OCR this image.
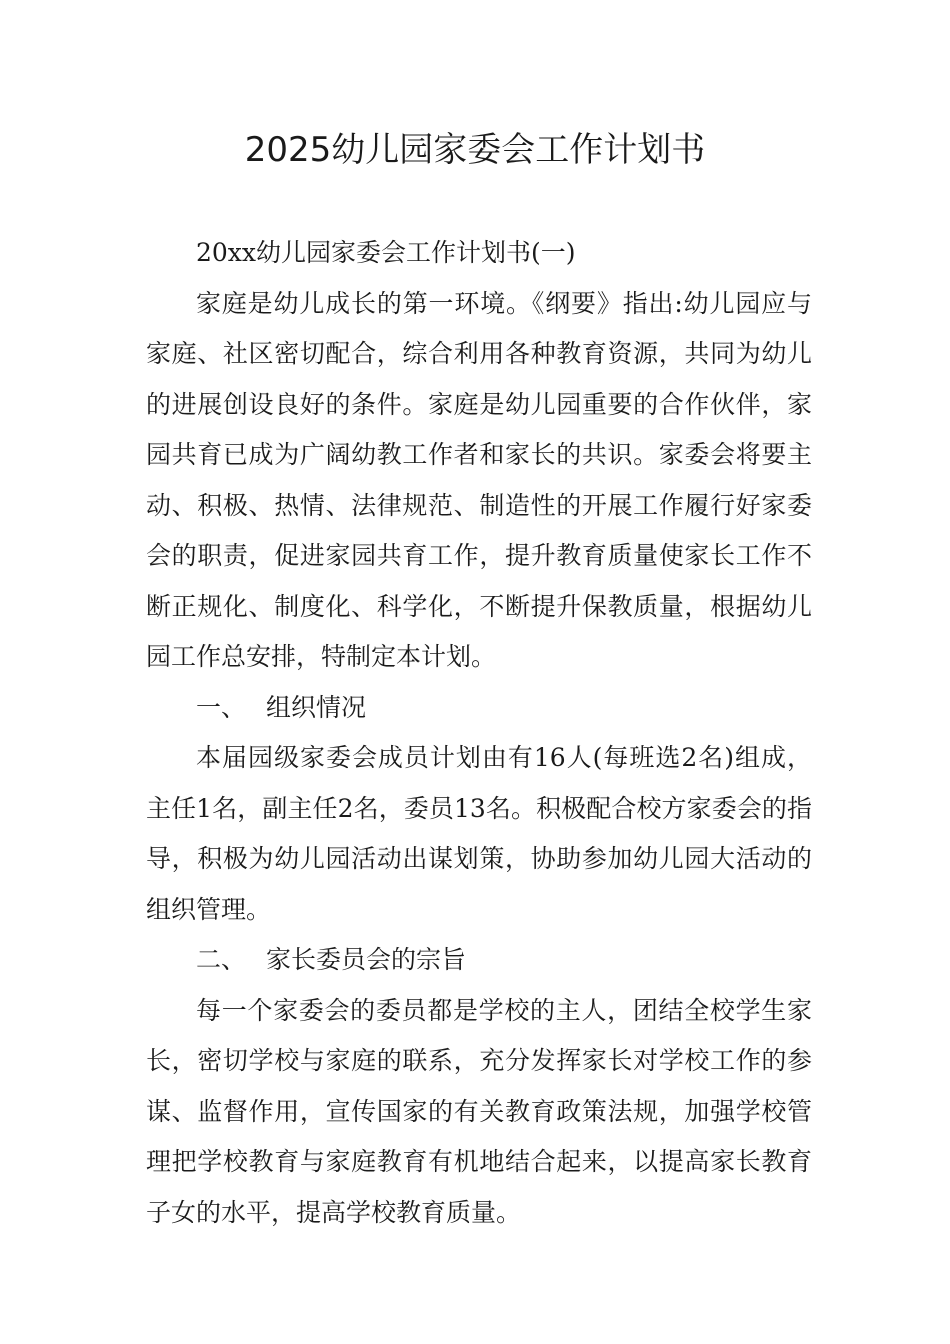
2025幼儿园家委会工作计划书

20xx幼儿园家委会工作计划书(一)

家庭是幼儿成长的第一环境。《纲要》指出:幼儿园应与家庭、社区密切配合，综合利用各种教育资源，共同为幼儿的进展创设良好的条件。家庭是幼儿园重要的合作伙伴，家园共育已成为广阔幼教工作者和家长的共识。家委会将要主动、积极、热情、法律规范、制造性的开展工作履行好家委会的职责，促进家园共育工作，提升教育质量使家长工作不断正规化、制度化、科学化，不断提升保教质量，根据幼儿园工作总安排，特制定本计划。

一、 组织情况

本届园级家委会成员计划由有16人(每班选2名)组成，主任1名，副主任2名，委员13名。积极配合校方家委会的指导，积极为幼儿园活动出谋划策，协助参加幼儿园大活动的组织管理。

二、 家长委员会的宗旨

每一个家委会的委员都是学校的主人，团结全校学生家长，密切学校与家庭的联系，充分发挥家长对学校工作的参谋、监督作用，宣传国家的有关教育政策法规，加强学校管理把学校教育与家庭教育有机地结合起来，以提高家长教育子女的水平，提高学校教育质量。
